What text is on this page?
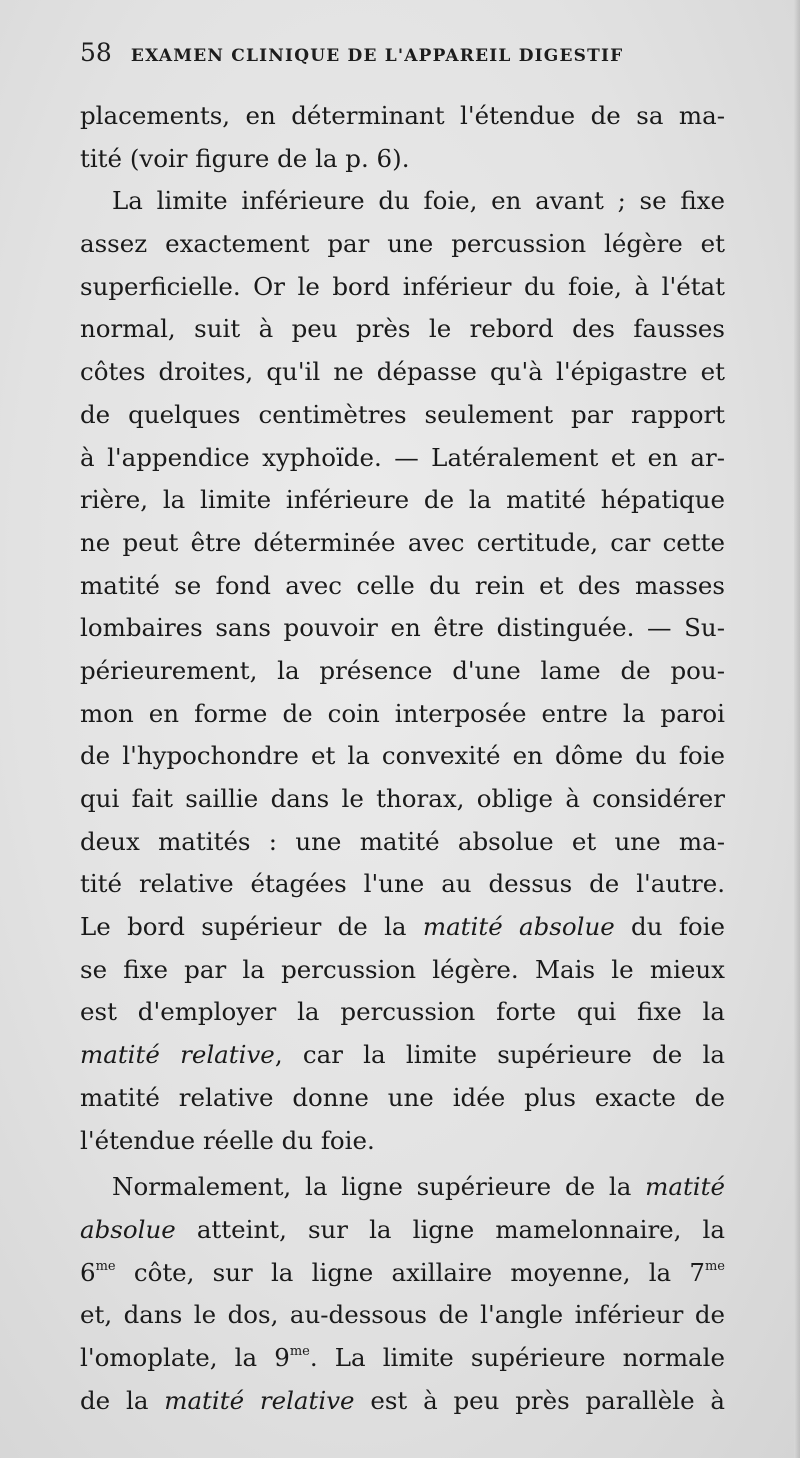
58 EXAMEN CLINIQUE DE L'APPAREIL DIGESTIF
placements, en déterminant l'étendue de sa ma-
tité (voir figure de la p. 6).
La limite inférieure du foie, en avant ; se fixe
assez exactement par une percussion légère et
superficielle. Or le bord inférieur du foie, à l'état
normal, suit à peu près le rebord des fausses
côtes droites, qu'il ne dépasse qu'à l'épigastre et
de quelques centimètres seulement par rapport
à l'appendice xyphoïde. — Latéralement et en ar-
rière, la limite inférieure de la matité hépatique
ne peut être déterminée avec certitude, car cette
matité se fond avec celle du rein et des masses
lombaires sans pouvoir en être distinguée. — Su-
périeurement, la présence d'une lame de pou-
mon en forme de coin interposée entre la paroi
de l'hypochondre et la convexité en dôme du foie
qui fait saillie dans le thorax, oblige à considérer
deux matités : une matité absolue et une ma-
tité relative étagées l'une au dessus de l'autre.
Le bord supérieur de la matité absolue du foie
se fixe par la percussion légère. Mais le mieux
est d'employer la percussion forte qui fixe la
matité relative, car la limite supérieure de la
matité relative donne une idée plus exacte de
l'étendue réelle du foie.
Normalement, la ligne supérieure de la matité
absolue atteint, sur la ligne mamelonnaire, la
$6^{me}$ côte, sur la ligne axillaire moyenne, la $7^{me}$
et, dans le dos, au-dessous de l'angle inférieur de
l'omoplate, la $9^{me}$. La limite supérieure normale
de la matité relative est à peu près parallèle à
